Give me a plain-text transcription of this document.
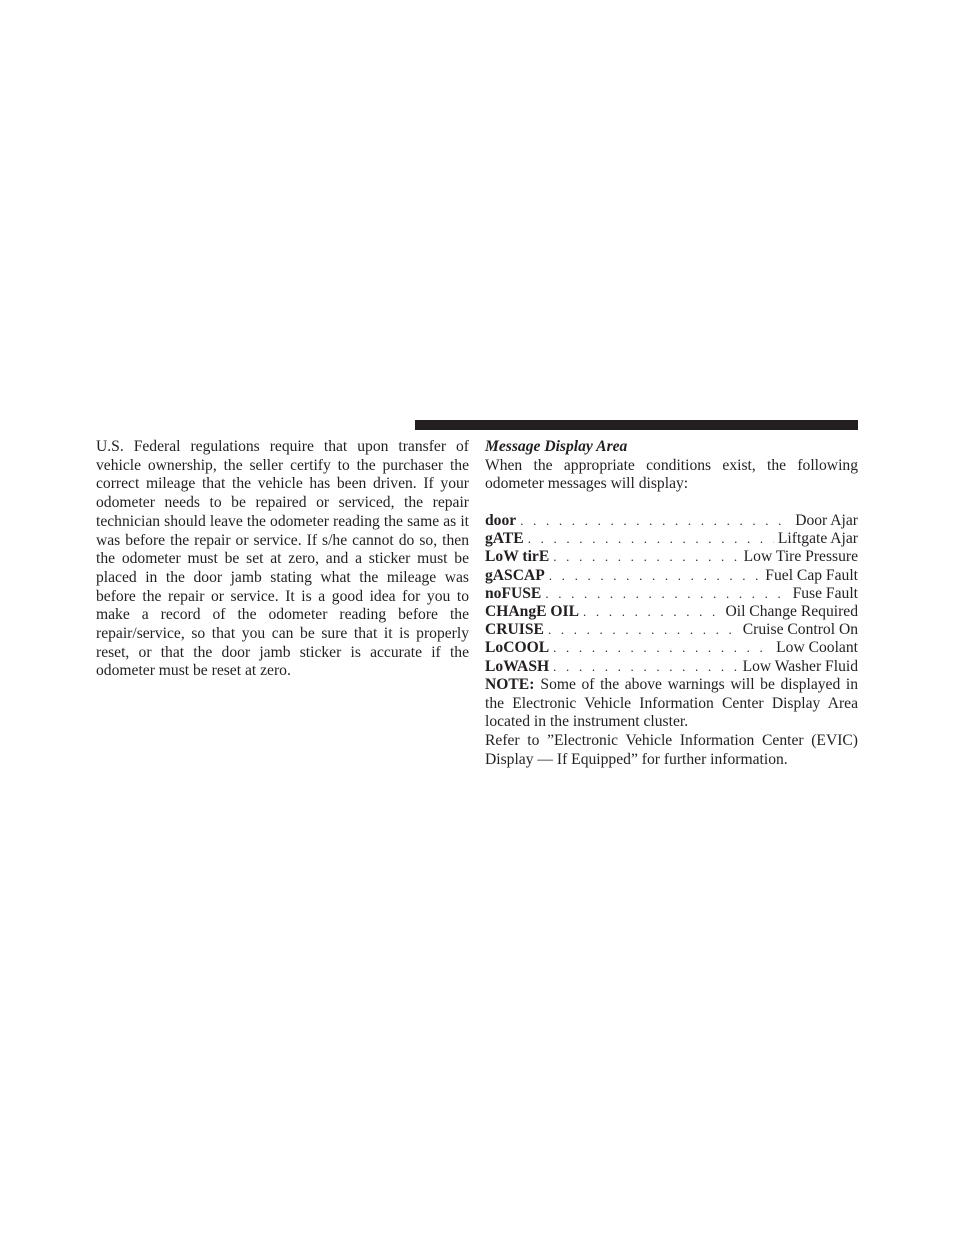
U.S. Federal regulations require that upon transfer of vehicle ownership, the seller certify to the purchaser the correct mileage that the vehicle has been driven. If your odometer needs to be repaired or serviced, the repair technician should leave the odometer reading the same as it was before the repair or service. If s/he cannot do so, then the odometer must be set at zero, and a sticker must be placed in the door jamb stating what the mileage was before the repair or service. It is a good idea for you to make a record of the odometer reading before the repair/service, so that you can be sure that it is properly reset, or that the door jamb sticker is accurate if the odometer must be reset at zero.

Message Display Area

When the appropriate conditions exist, the following odometer messages will display:

door . . .	Door Ajar
gATE . . .	Liftgate Ajar
LoW tirE . . .	Low Tire Pressure
gASCAP . . .	Fuel Cap Fault
noFUSE . . .	Fuse Fault
CHAngE OIL . . .	Oil Change Required
CRUISE . . .	Cruise Control On
LoCOOL . . .	Low Coolant
LoWASH . . .	Low Washer Fluid

NOTE: Some of the above warnings will be displayed in the Electronic Vehicle Information Center Display Area located in the instrument cluster.

Refer to ”Electronic Vehicle Information Center (EVIC) Display — If Equipped” for further information.
